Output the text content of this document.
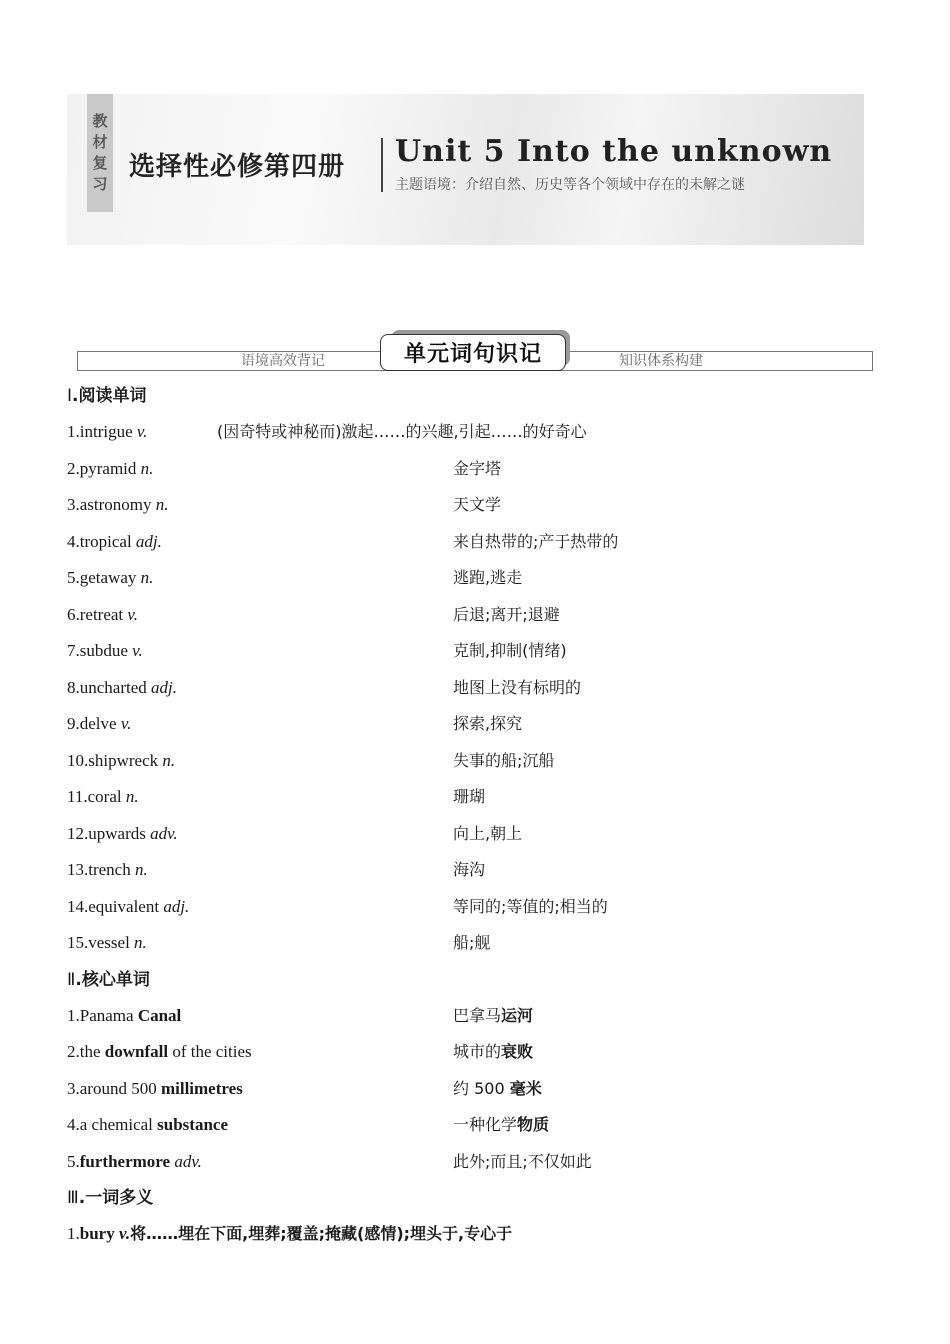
教
材
复
习
选择性必修第四册 Unit 5 Into the unknown
主题语境：介绍自然、历史等各个领域中存在的未解之谜
语境高效背记	知识体系构建
单元词句识记
Ⅰ.阅读单词
1.intrigue v.	(因奇特或神秘而)激起……的兴趣,引起……的好奇心
2.pyramid n.	金字塔
3.astronomy n.	天文学
4.tropical adj.	来自热带的;产于热带的
5.getaway n.	逃跑,逃走
6.retreat v.	后退;离开;退避
7.subdue v.	克制,抑制(情绪)
8.uncharted adj.	地图上没有标明的
9.delve v.	探索,探究
10.shipwreck n.	失事的船;沉船
11.coral n.	珊瑚
12.upwards adv.	向上,朝上
13.trench n.	海沟
14.equivalent adj.	等同的;等值的;相当的
15.vessel n.	船;舰
Ⅱ.核心单词
1.Panama Canal	巴拿马运河
2.the downfall of the cities	城市的衰败
3.around 500 millimetres	约 500 毫米
4.a chemical substance	一种化学物质
5.furthermore adv.	此外;而且;不仅如此
Ⅲ.一词多义
1.bury v.将……埋在下面,埋葬;覆盖;掩藏(感情);埋头于,专心于
